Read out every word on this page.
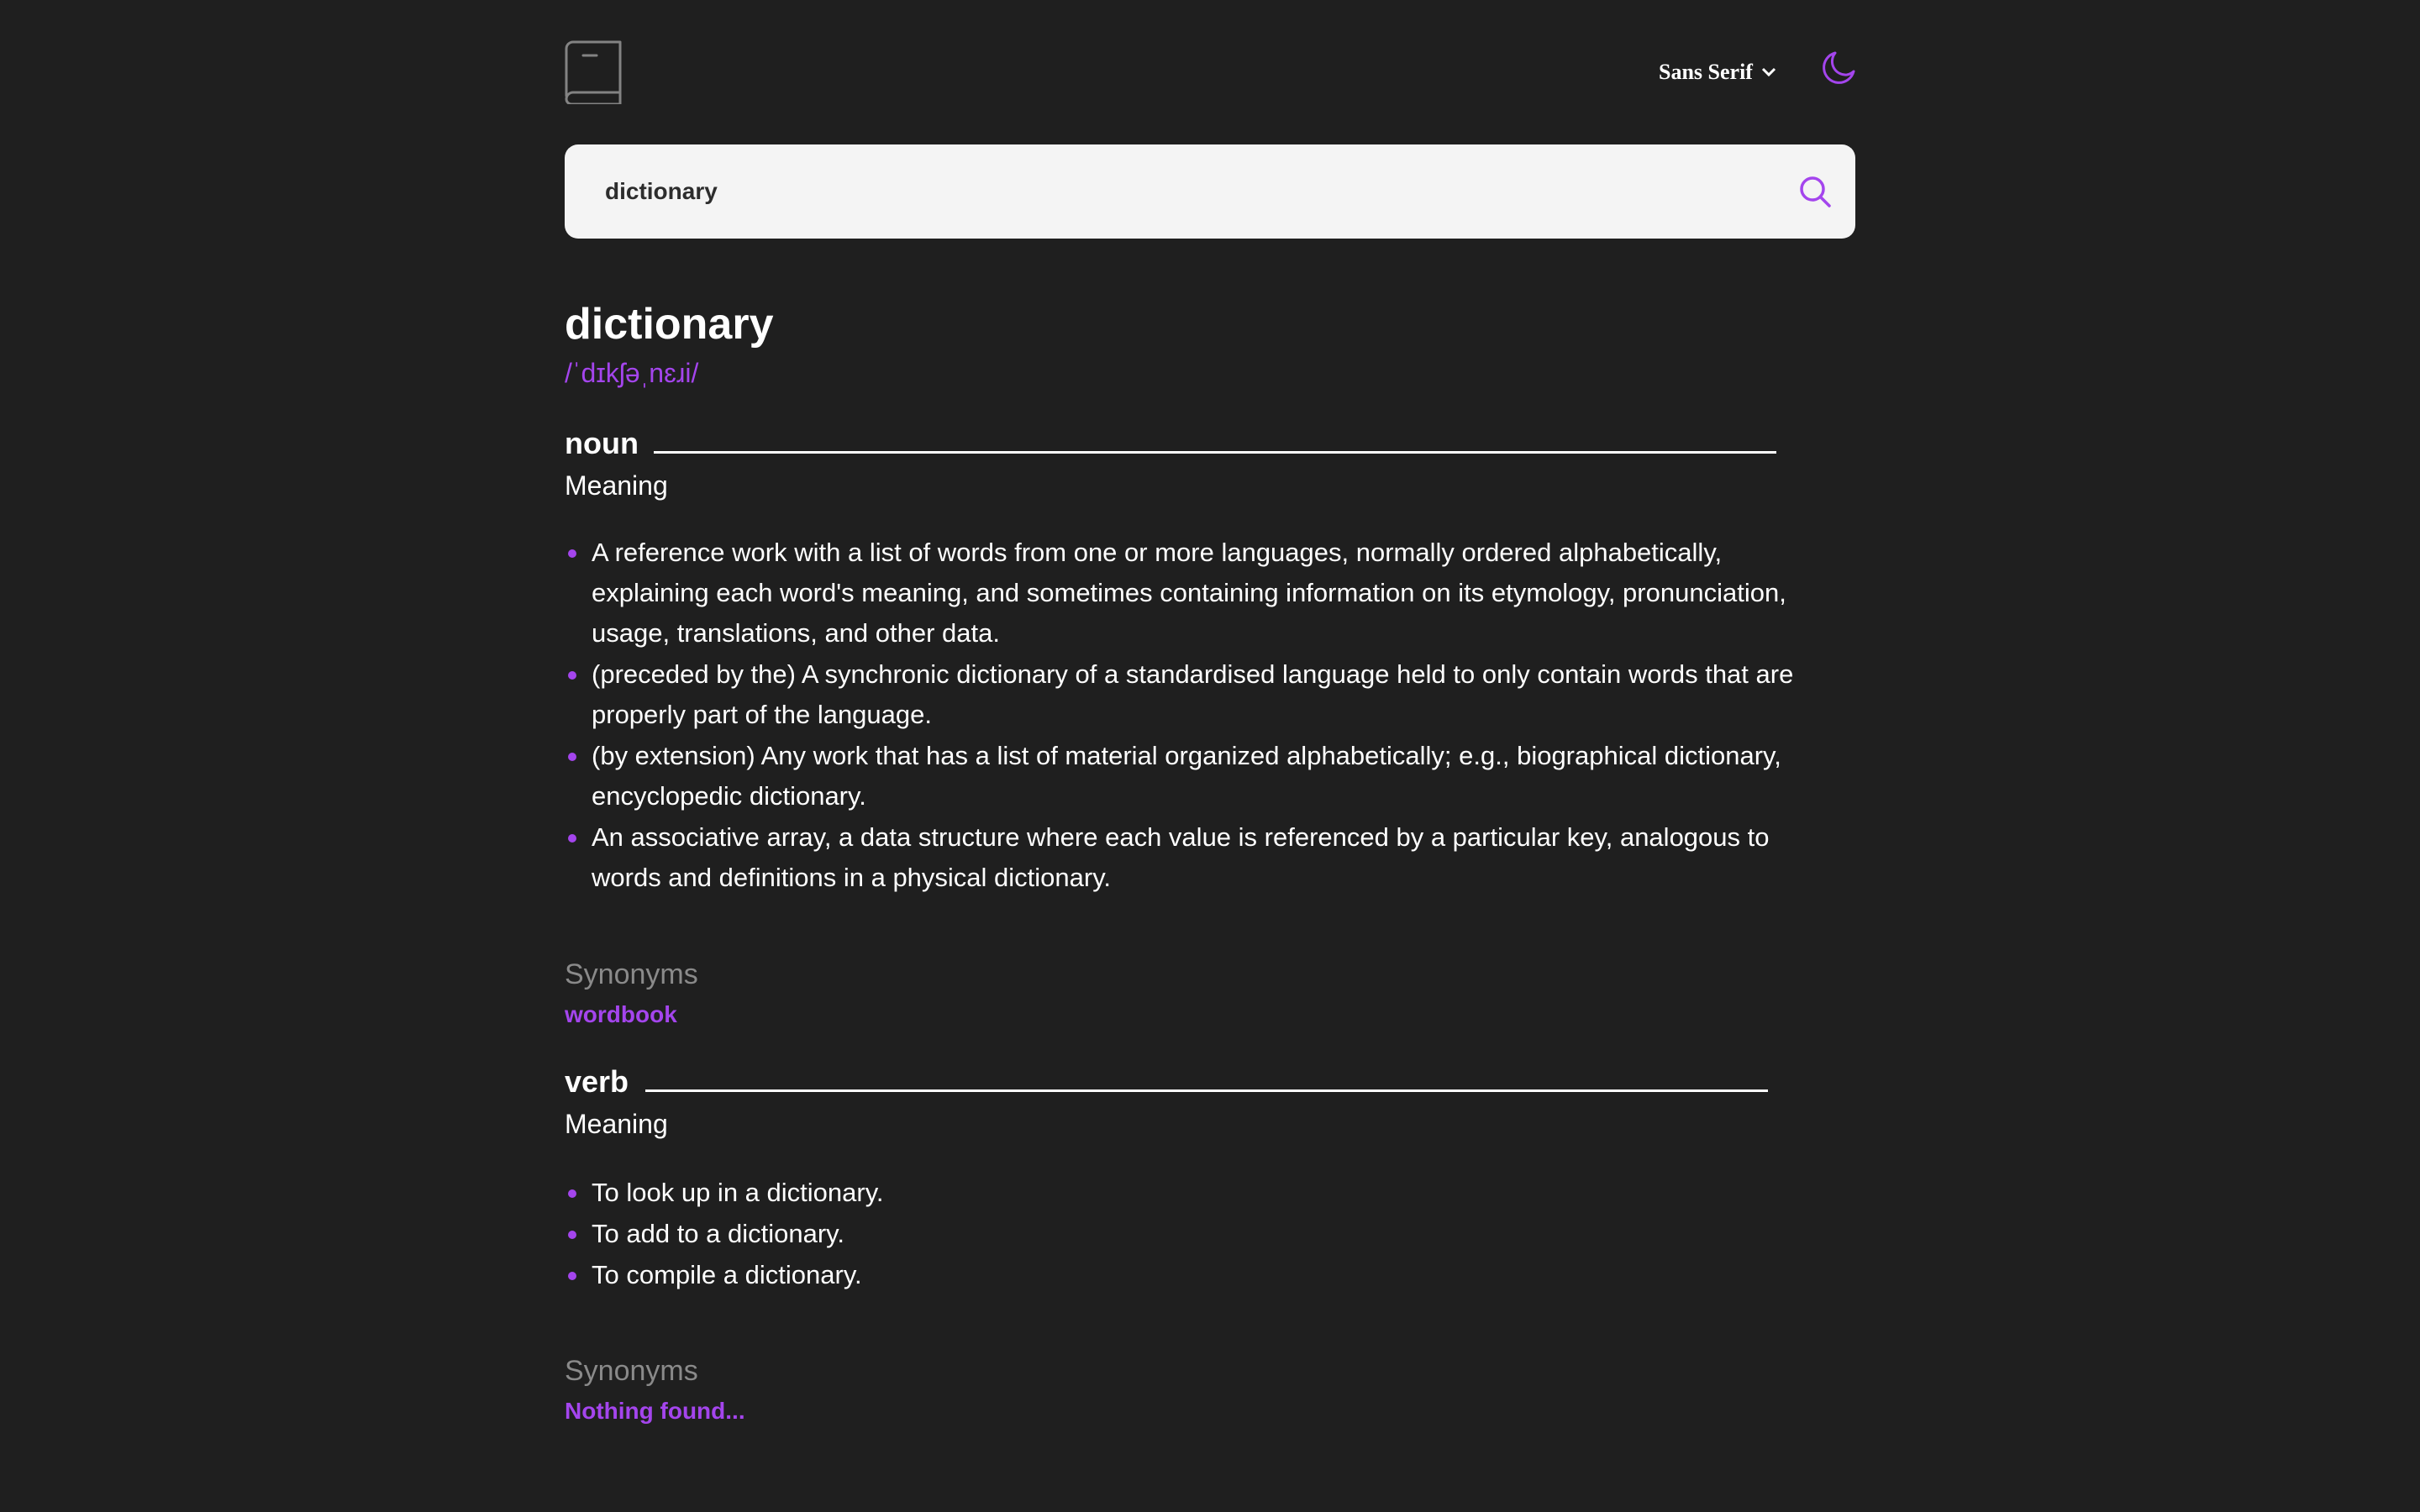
Sans Serif
dictionary
dictionary
/ˈdɪkʃəˌnɛɹi/
noun
Meaning
A reference work with a list of words from one or more languages, normally ordered alphabetically, explaining each word's meaning, and sometimes containing information on its etymology, pronunciation, usage, translations, and other data.
(preceded by the) A synchronic dictionary of a standardised language held to only contain words that are properly part of the language.
(by extension) Any work that has a list of material organized alphabetically; e.g., biographical dictionary, encyclopedic dictionary.
An associative array, a data structure where each value is referenced by a particular key, analogous to words and definitions in a physical dictionary.
Synonyms
wordbook
verb
Meaning
To look up in a dictionary.
To add to a dictionary.
To compile a dictionary.
Synonyms
Nothing found...
